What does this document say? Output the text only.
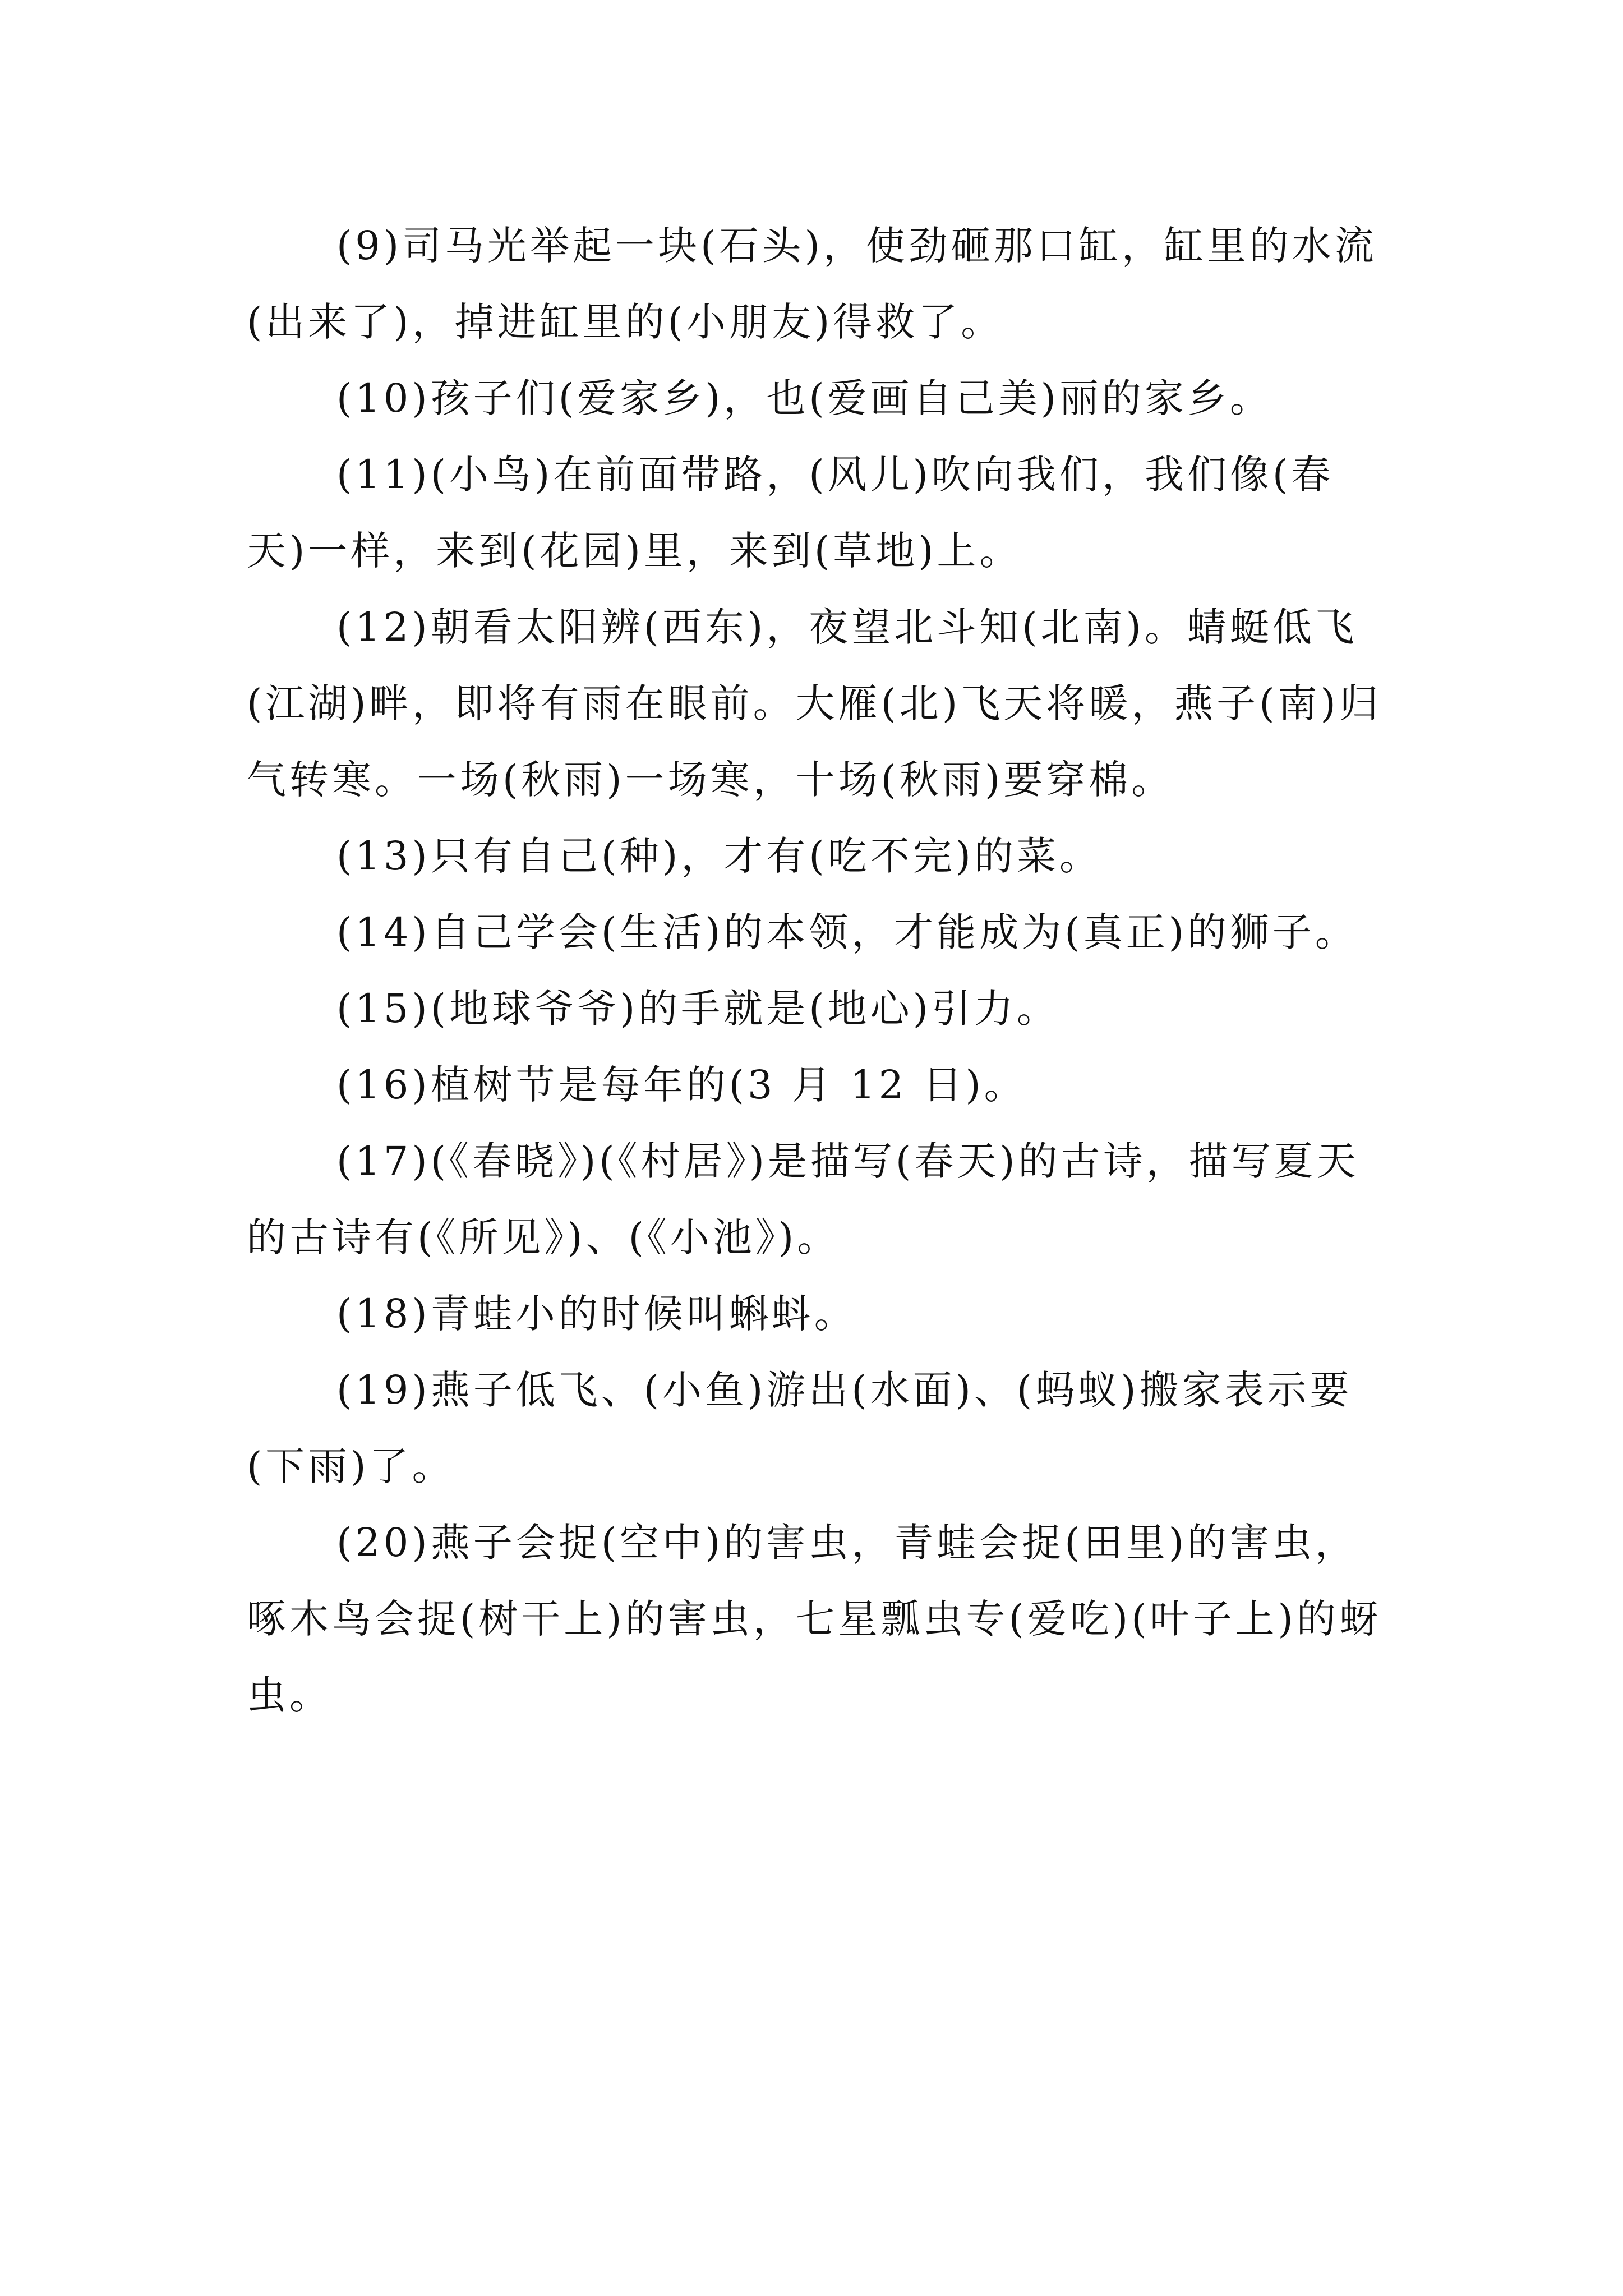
(9)司马光举起一块(石头)，使劲砸那口缸，缸里的水流(出来了)，掉进缸里的(小朋友)得救了。

(10)孩子们(爱家乡)，也(爱画自己美)丽的家乡。

(11)(小鸟)在前面带路，(风儿)吹向我们，我们像(春天)一样，来到(花园)里，来到(草地)上。

(12)朝看太阳辨(西东)，夜望北斗知(北南)。蜻蜓低飞(江湖)畔，即将有雨在眼前。大雁(北)飞天将暖，燕子(南)归气转寒。一场(秋雨)一场寒，十场(秋雨)要穿棉。

(13)只有自己(种)，才有(吃不完)的菜。

(14)自己学会(生活)的本领，才能成为(真正)的狮子。

(15)(地球爷爷)的手就是(地心)引力。

(16)植树节是每年的(3 月 12 日)。

(17)(《春晓》)(《村居》)是描写(春天)的古诗，描写夏天的古诗有(《所见》)、(《小池》)。

(18)青蛙小的时候叫蝌蚪。

(19)燕子低飞、(小鱼)游出(水面)、(蚂蚁)搬家表示要(下雨)了。

(20)燕子会捉(空中)的害虫，青蛙会捉(田里)的害虫，啄木鸟会捉(树干上)的害虫，七星瓢虫专(爱吃)(叶子上)的蚜虫。
